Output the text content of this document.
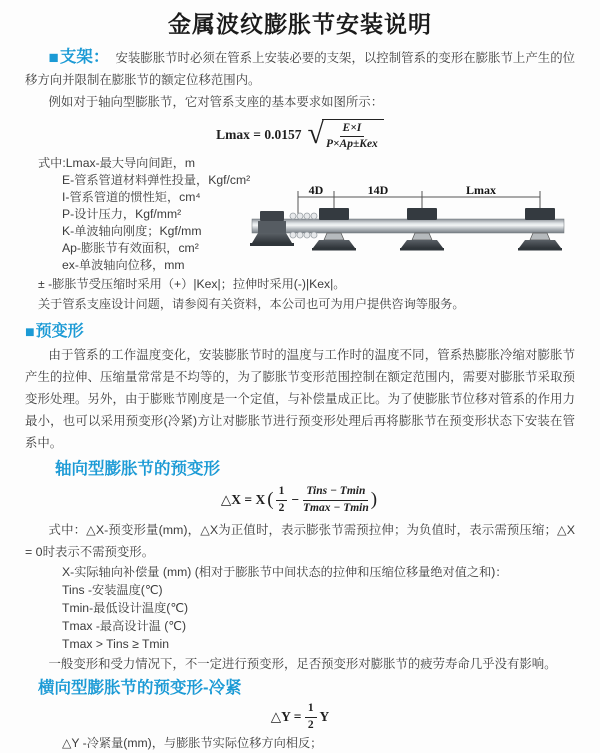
金属波纹膨胀节安装说明

■支架： 安装膨胀节时必须在管系上安装必要的支架，以控制管系的变形在膨胀节上产生的位移方向并限制在膨胀节的额定位移范围内。

例如对于轴向型膨胀节，它对管系支座的基本要求如图所示：

Lmax = 0.0157 √ $\frac{E\times I}{\text{P×Ap±Kex}}$

式中:Lmax-最大导向间距，m

E-管系管道材料弹性投量，Kgf/cm²

I-管系管道的惯性矩，cm⁴

P-设计压力，Kgf/mm²

K-单波轴向刚度；Kgf/mm

Ap-膨胀节有效面积，cm²

ex-单波轴向位移，mm

4D	14D	Lmax

± -膨胀节受压缩时采用（+）|Kex|；拉伸时采用(-)|Kex|。

关于管系支座设计问题，请参阅有关资料，本公司也可为用户提供咨询等服务。

■预变形

由于管系的工作温度变化，安装膨胀节时的温度与工作时的温度不同，管系热膨胀冷缩对膨胀节产生的拉伸、压缩量常常是不均等的，为了膨胀节变形范围控制在额定范围内，需要对膨胀节采取预变形处理。另外，由于膨账节刚度是一个定值，与补偿量成正比。为了使膨胀节位移对管系的作用力最小，也可以采用预变形(冷紧)方让对膨胀节进行预变形处理后再将膨胀节在预变形状态下安装在管系中。

轴向型膨胀节的预变形
△X = X ( $\frac{1}{2} - \frac{\text{Tins − Tmin}}{Tmax - Tmin}$ )

式中：△X-预变形量(mm)，△X为正值时，表示膨张节需预拉伸；为负值时，表示需预压缩；△X = 0时表示不需预变形。

X-实际轴向补偿量 (mm) (相对于膨胀节中间状态的拉伸和压缩位移量绝对值之和)：

Tins -安装温度(℃)

Tmin-最低设计温度(℃)

Tmax -最高设计温 (℃)

Tmax > Tins ≥ Tmin

一般变形和受力情况下，不一定进行预变形，足否预变形对膨胀节的疲劳寿命几乎没有影响。

横向型膨胀节的预变形-冷紧
△Y = $\frac{1}{2}$ Y

△Y -冷紧量(mm)，与膨胀节实际位移方向相反；
